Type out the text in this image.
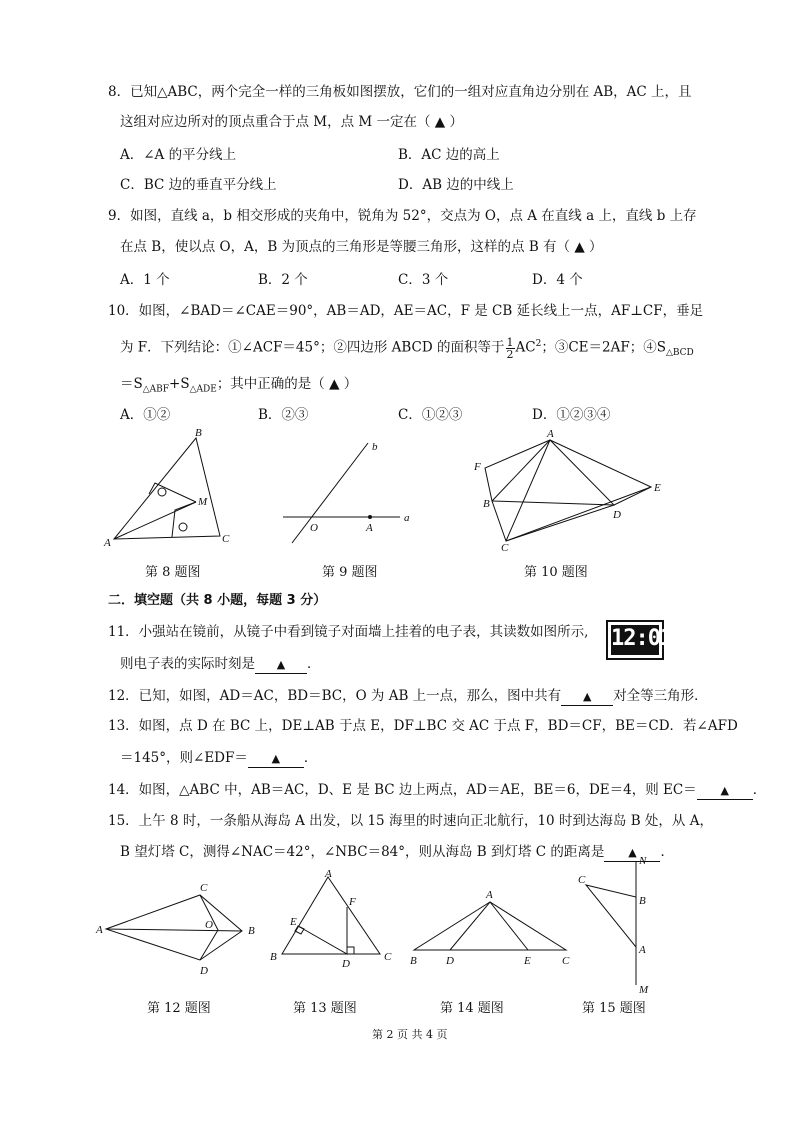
8．已知△ABC，两个完全一样的三角板如图摆放，它们的一组对应直角边分别在 AB，AC 上，且
这组对应边所对的顶点重合于点 M，点 M 一定在（ ▲ ）
A．∠A 的平分线上	B．AC 边的高上
C．BC 边的垂直平分线上	D．AB 边的中线上
9．如图，直线 a，b 相交形成的夹角中，锐角为 52°，交点为 O，点 A 在直线 a 上，直线 b 上存
在点 B，使以点 O，A，B 为顶点的三角形是等腰三角形，这样的点 B 有（ ▲ ）
A．1 个	B．2 个	C．3 个	D．4 个
10．如图，∠BAD＝∠CAE＝90°，AB＝AD，AE＝AC，F 是 CB 延长线上一点，AF⊥CF，垂足
为 F．下列结论：①∠ACF＝45°；②四边形 ABCD 的面积等于 $\frac{1}{2} AC^2$；③CE＝2AF；$④S_{\triangle BCD}$
$=S_{\triangle ABF}+S_{\triangle ADE}$；其中正确的是（ ▲ ）
A．①②	B．②③	C．①②③	D．①②③④
B
M
A	C
第 8 题图
b
a
O	A
第 9 题图
A
F
B
E
D
C
第 10 题图
二．填空题（共 8 小题，每题 3 分）
11．小强站在镜前，从镜子中看到镜子对面墙上挂着的电子表，其读数如图所示,
则电子表的实际时刻是 ▲ ．
12:01
12．已知，如图，AD＝AC，BD＝BC，O 为 AB 上一点，那么，图中共有 ▲ 对全等三角形．
13．如图，点 D 在 BC 上，DE⊥AB 于点 E，DF⊥BC 交 AC 于点 F，BD＝CF，BE＝CD．若∠AFD
＝145°，则∠EDF＝ ▲ ．
14．如图，△ABC 中，AB＝AC，D、E 是 BC 边上两点，AD＝AE，BE＝6，DE＝4，则 EC＝ ▲ ．
15．上午 8 时，一条船从海岛 A 出发，以 15 海里的时速向正北航行，10 时到达海岛 B 处，从 A，
B 望灯塔 C，测得∠NAC＝42°，∠NBC＝84°，则从海岛 B 到灯塔 C 的距离是 ▲ ．
C
A	O	B
D
第 12 题图
A
E
F
B
D
C
第 13 题图
A
B	D	E	C
第 14 题图
N
C
B
A
M
第 15 题图
第 2 页 共 4 页
